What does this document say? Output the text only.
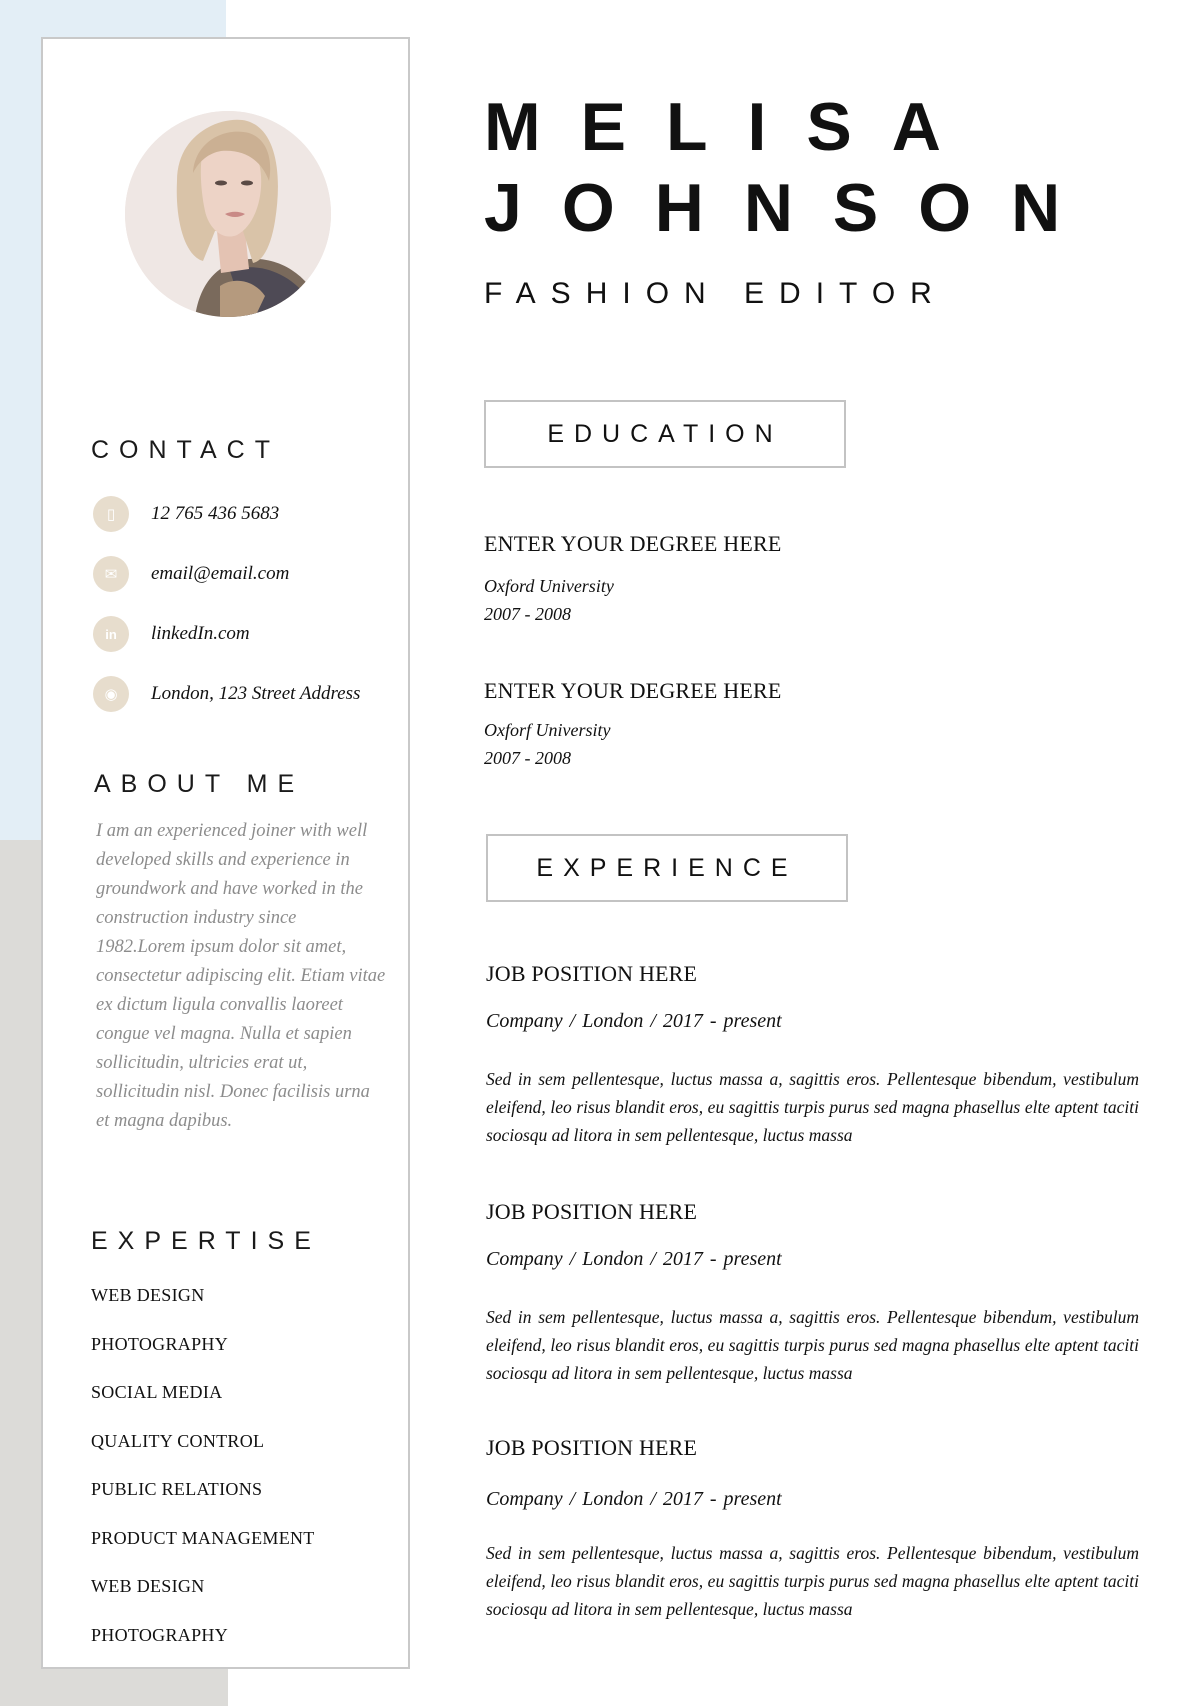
CONTACT
▯	12 765 436 5683
✉	email@email.com
in	linkedIn.com
◉	London, 123 Street Address
ABOUT ME

I am an experienced joiner with well developed skills and experience in groundwork and have worked in the construction industry since 1982.Lorem ipsum dolor sit amet, consectetur adipiscing elit. Etiam vitae ex dictum ligula convallis laoreet congue vel magna. Nulla et sapien sollicitudin, ultricies erat ut, sollicitudin nisl. Donec facilisis urna et magna dapibus.

EXPERTISE
WEB DESIGN
PHOTOGRAPHY
SOCIAL MEDIA
QUALITY CONTROL
PUBLIC RELATIONS
PRODUCT MANAGEMENT
WEB DESIGN
PHOTOGRAPHY
MELISA
JOHNSON
FASHION EDITOR
EDUCATION

ENTER YOUR DEGREE HERE

Oxford University

2007 - 2008

ENTER YOUR DEGREE HERE

Oxforf University

2007 - 2008

EXPERIENCE

JOB POSITION HERE

Company / London / 2017 - present

Sed in sem pellentesque, luctus massa a, sagittis eros. Pellentesque bibendum, vestibulum eleifend, leo risus blandit eros, eu sagittis turpis purus sed magna phasellus elte aptent taciti sociosqu ad litora in sem pellentesque, luctus massa

JOB POSITION HERE

Company / London / 2017 - present

Sed in sem pellentesque, luctus massa a, sagittis eros. Pellentesque bibendum, vestibulum eleifend, leo risus blandit eros, eu sagittis turpis purus sed magna phasellus elte aptent taciti sociosqu ad litora in sem pellentesque, luctus massa

JOB POSITION HERE

Company / London / 2017 - present

Sed in sem pellentesque, luctus massa a, sagittis eros. Pellentesque bibendum, vestibulum eleifend, leo risus blandit eros, eu sagittis turpis purus sed magna phasellus elte aptent taciti sociosqu ad litora in sem pellentesque, luctus massa
